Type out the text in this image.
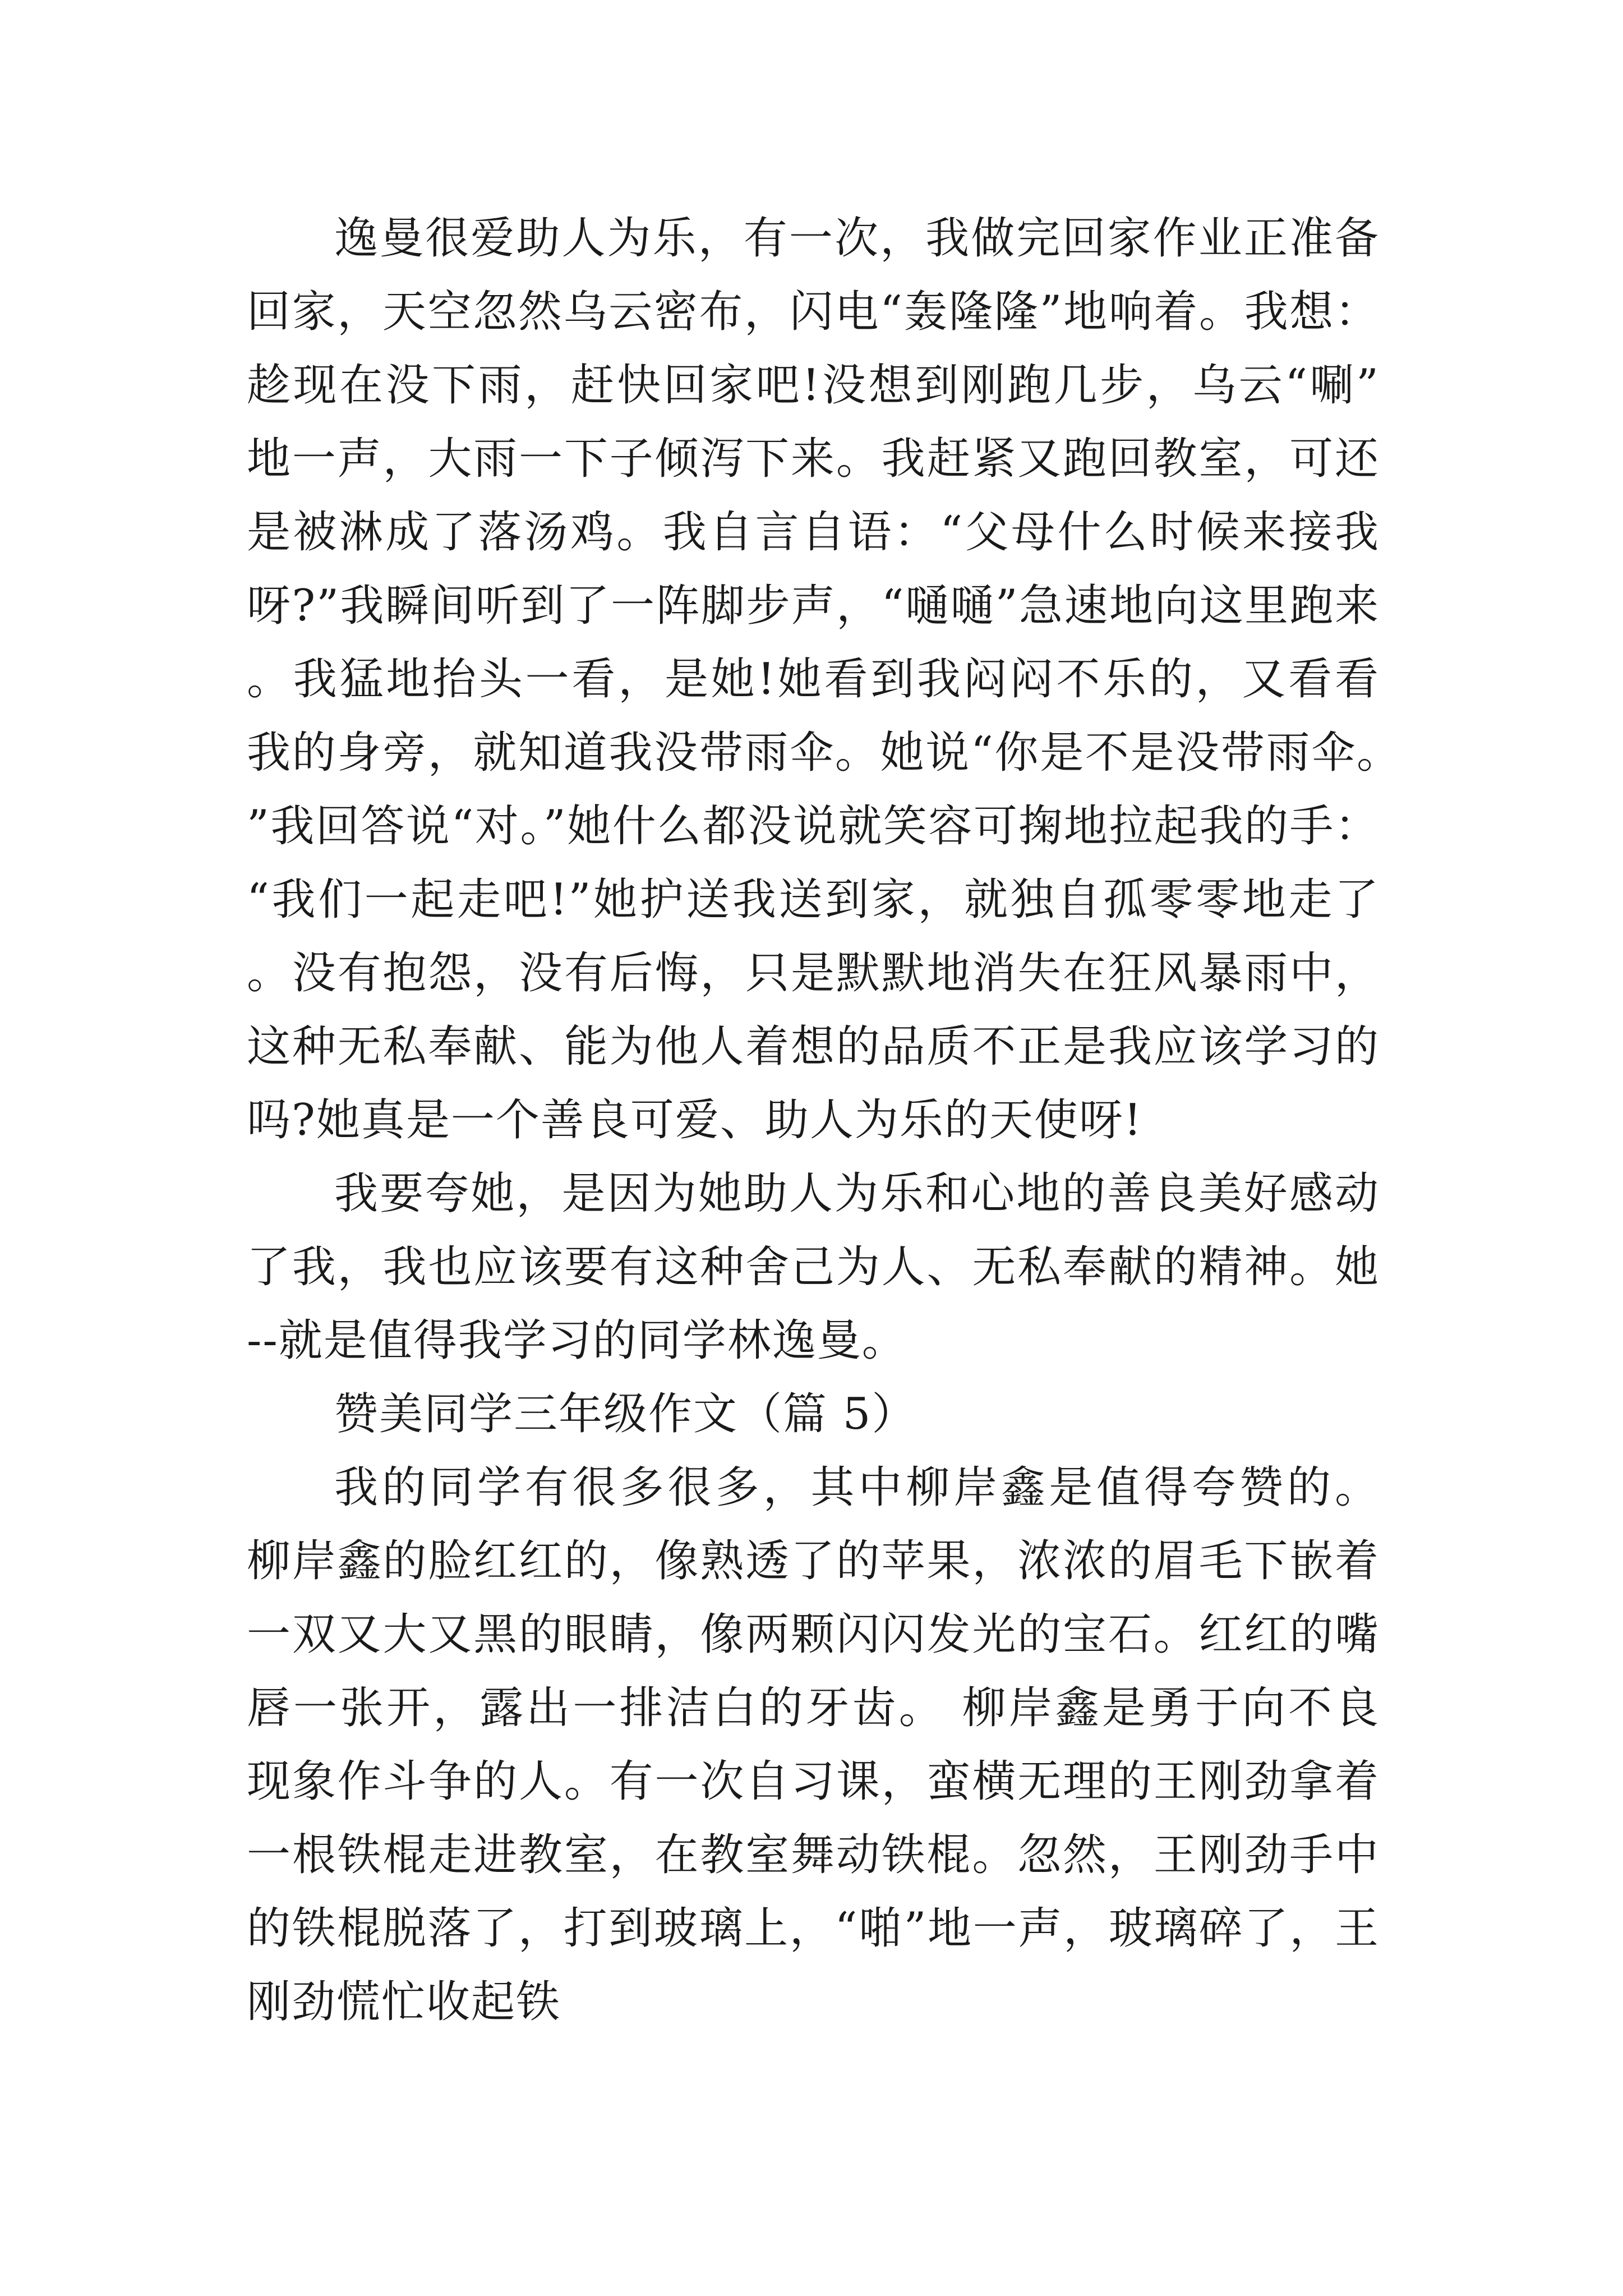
逸曼很爱助人为乐，有一次，我做完回家作业正准备回家，天空忽然乌云密布，闪电“轰隆隆”地响着。我想：趁现在没下雨，赶快回家吧!没想到刚跑几步，乌云“唰”地一声，大雨一下子倾泻下来。我赶紧又跑回教室，可还是被淋成了落汤鸡。我自言自语：“父母什么时候来接我呀?”我瞬间听到了一阵脚步声，“嗵嗵”急速地向这里跑来。我猛地抬头一看，是她!她看到我闷闷不乐的，又看看我的身旁，就知道我没带雨伞。她说“你是不是没带雨伞。”我回答说“对。”她什么都没说就笑容可掬地拉起我的手：“我们一起走吧!”她护送我送到家，就独自孤零零地走了。没有抱怨，没有后悔，只是默默地消失在狂风暴雨中，这种无私奉献、能为他人着想的品质不正是我应该学习的吗?她真是一个善良可爱、助人为乐的天使呀!

我要夸她，是因为她助人为乐和心地的善良美好感动了我，我也应该要有这种舍己为人、无私奉献的精神。她--就是值得我学习的同学林逸曼。

赞美同学三年级作文（篇 5）

我的同学有很多很多，其中柳岸鑫是值得夸赞的。 柳岸鑫的脸红红的，像熟透了的苹果，浓浓的眉毛下嵌着一双又大又黑的眼睛，像两颗闪闪发光的宝石。红红的嘴唇一张开，露出一排洁白的牙齿。 柳岸鑫是勇于向不良现象作斗争的人。有一次自习课，蛮横无理的王刚劲拿着一根铁棍走进教室，在教室舞动铁棍。忽然，王刚劲手中的铁棍脱落了，打到玻璃上，“啪”地一声，玻璃碎了，王刚劲慌忙收起铁
